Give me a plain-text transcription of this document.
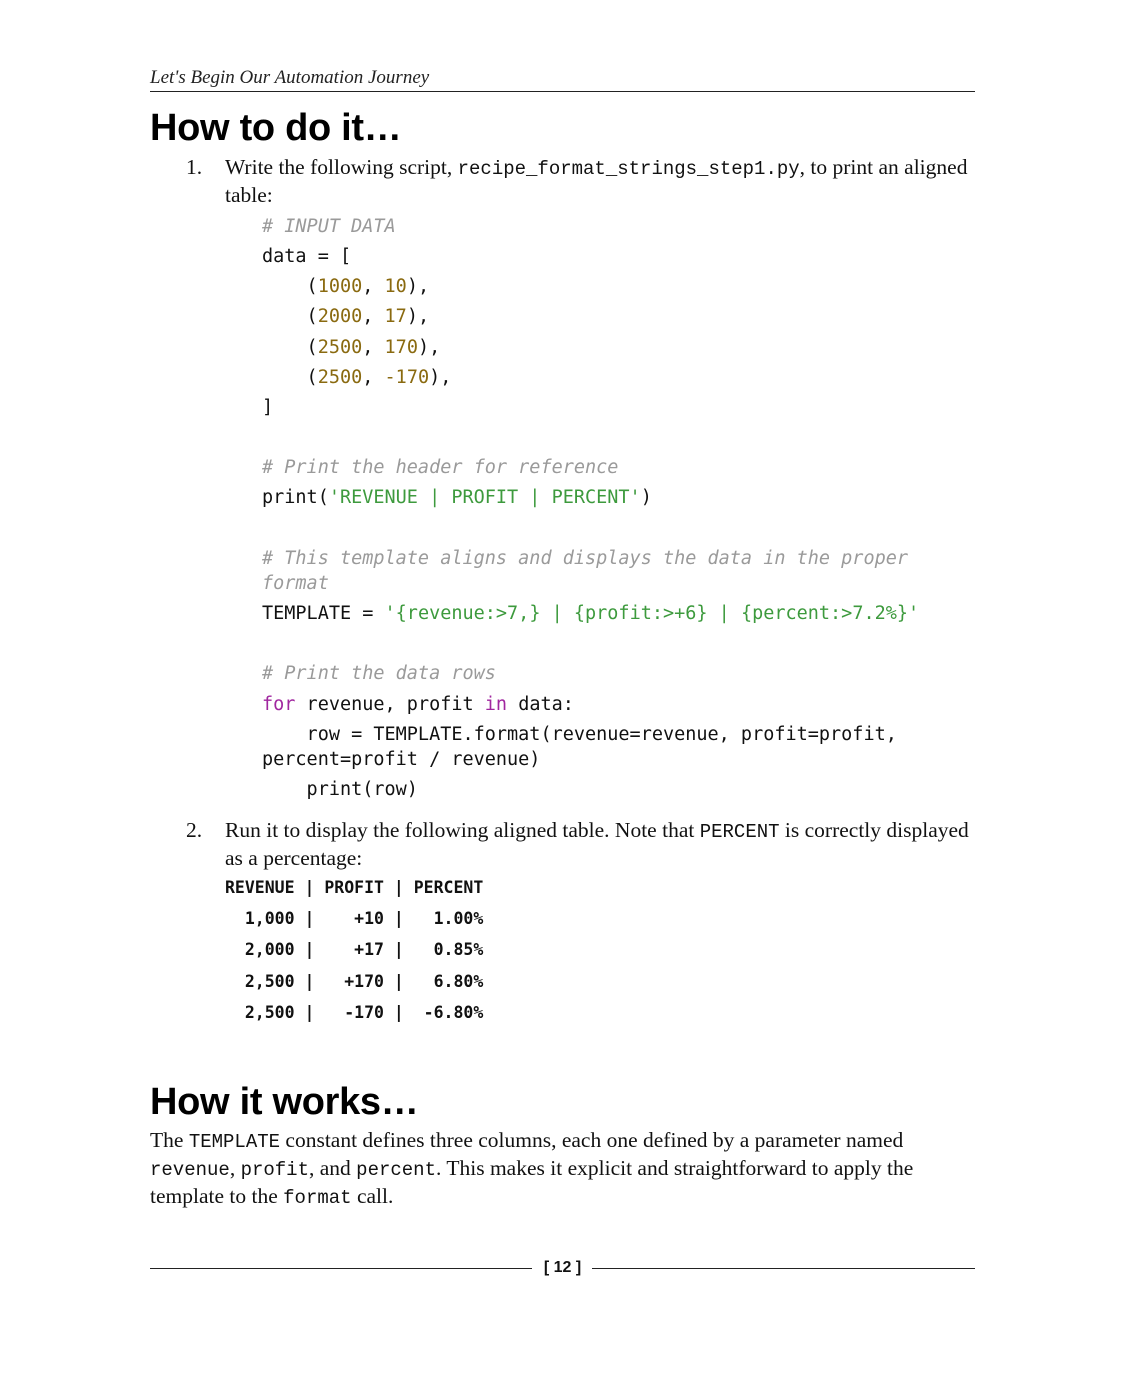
Let's Begin Our Automation Journey
How to do it…
1. Write the following script, recipe_format_strings_step1.py, to print an aligned table:

# INPUT DATA

data = [

(1000, 10),

(2000, 17),

(2500, 170),

(2500, -170),

]

# Print the header for reference

print('REVENUE | PROFIT | PERCENT')

# This template aligns and displays the data in the proper

format

TEMPLATE = '{revenue:>7,} | {profit:>+6} | {percent:>7.2%}'

# Print the data rows

for revenue, profit in data:

row = TEMPLATE.format(revenue=revenue, profit=profit,

percent=profit / revenue)

print(row)

2. Run it to display the following aligned table. Note that PERCENT is correctly displayed as a percentage:

REVENUE | PROFIT | PERCENT

1,000 |    +10 |   1.00%

2,000 |    +17 |   0.85%

2,500 |   +170 |   6.80%

2,500 |   -170 |  -6.80%

How it works…
The TEMPLATE constant defines three columns, each one defined by a parameter named revenue, profit, and percent. This makes it explicit and straightforward to apply the template to the format call.
[ 12 ]
